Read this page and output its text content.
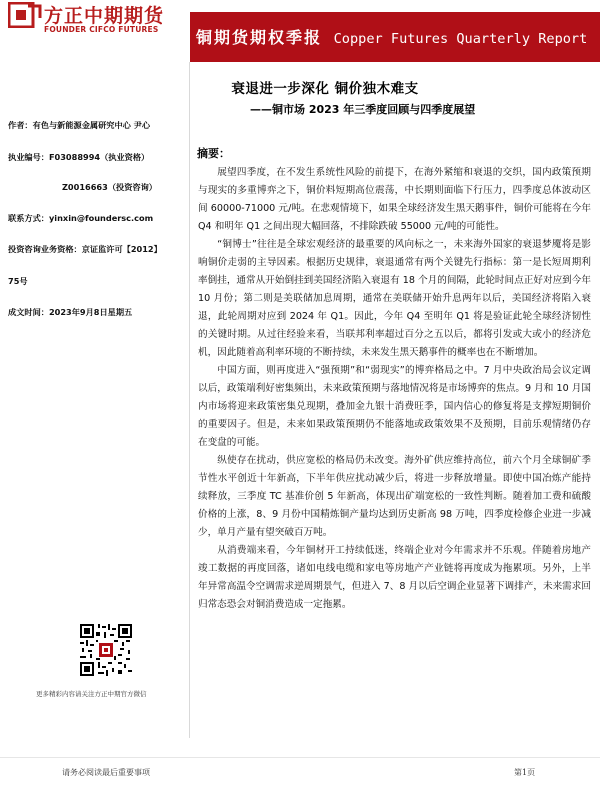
方正中期期货
FOUNDER CIFCO FUTURES	铜期货期权季报 Copper Futures Quarterly Report
衰退进一步深化 铜价独木难支
——铜市场 2023 年三季度回顾与四季度展望
作者：有色与新能源金属研究中心 尹心
执业编号：F03088994（执业资格）
Z0016663（投资咨询）
联系方式：yinxin@foundersc.com
投资咨询业务资格：京证监许可【2012】
75号
成文时间：2023年9月8日星期五
更多精彩内容请关注方正中期官方微信
摘要：

展望四季度，在不发生系统性风险的前提下，在海外紧缩和衰退的交织，国内政策预期与现实的多重博弈之下，铜价料短期高位震荡，中长期则面临下行压力，四季度总体波动区间 60000-71000 元/吨。在悲观情境下，如果全球经济发生黑天鹅事件，铜价可能将在今年 Q4 和明年 Q1 之间出现大幅回落，不排除跌破 55000 元/吨的可能性。

“铜博士”往往是全球宏观经济的最重要的风向标之一，未来海外国家的衰退梦魇将是影响铜价走弱的主导因素。根据历史规律，衰退通常有两个关键先行指标：第一是长短周期利率倒挂，通常从开始倒挂到美国经济陷入衰退有 18 个月的间隔，此轮时间点正好对应到今年 10 月份；第二则是美联储加息周期，通常在美联储开始升息两年以后，美国经济将陷入衰退，此轮周期对应到 2024 年 Q1。因此，今年 Q4 至明年 Q1 将是验证此轮全球经济韧性的关键时期。从过往经验来看，当联邦利率超过百分之五以后，都将引发或大或小的经济危机，因此随着高利率环境的不断持续，未来发生黑天鹅事件的概率也在不断增加。

中国方面，则再度进入“强预期”和“弱现实”的博弈格局之中。7 月中央政治局会议定调以后，政策端利好密集频出，未来政策预期与落地情况将是市场博弈的焦点。9 月和 10 月国内市场将迎来政策密集兑现期，叠加金九银十消费旺季，国内信心的修复将是支撑短期铜价的重要因子。但是，未来如果政策预期仍不能落地或政策效果不及预期，目前乐观情绪仍存在变盘的可能。

纵使存在扰动，供应宽松的格局仍未改变。海外矿供应维持高位，前六个月全球铜矿季节性水平创近十年新高，下半年供应扰动减少后，将进一步释放增量。即使中国冶炼产能持续释放，三季度 TC 基准价创 5 年新高，体现出矿端宽松的一致性判断。随着加工费和硫酸价格的上涨，8、9 月份中国精炼铜产量均达到历史新高 98 万吨，四季度检修企业进一步减少，单月产量有望突破百万吨。

从消费端来看，今年铜材开工持续低迷，终端企业对今年需求并不乐观。伴随着房地产竣工数据的再度回落，诸如电线电缆和家电等房地产产业链将再度成为拖累项。另外，上半年异常高温令空调需求逆周期景气，但进入 7、8 月以后空调企业显著下调排产，未来需求回归常态恐会对铜消费造成一定拖累。

请务必阅读最后重要事项	第1页
